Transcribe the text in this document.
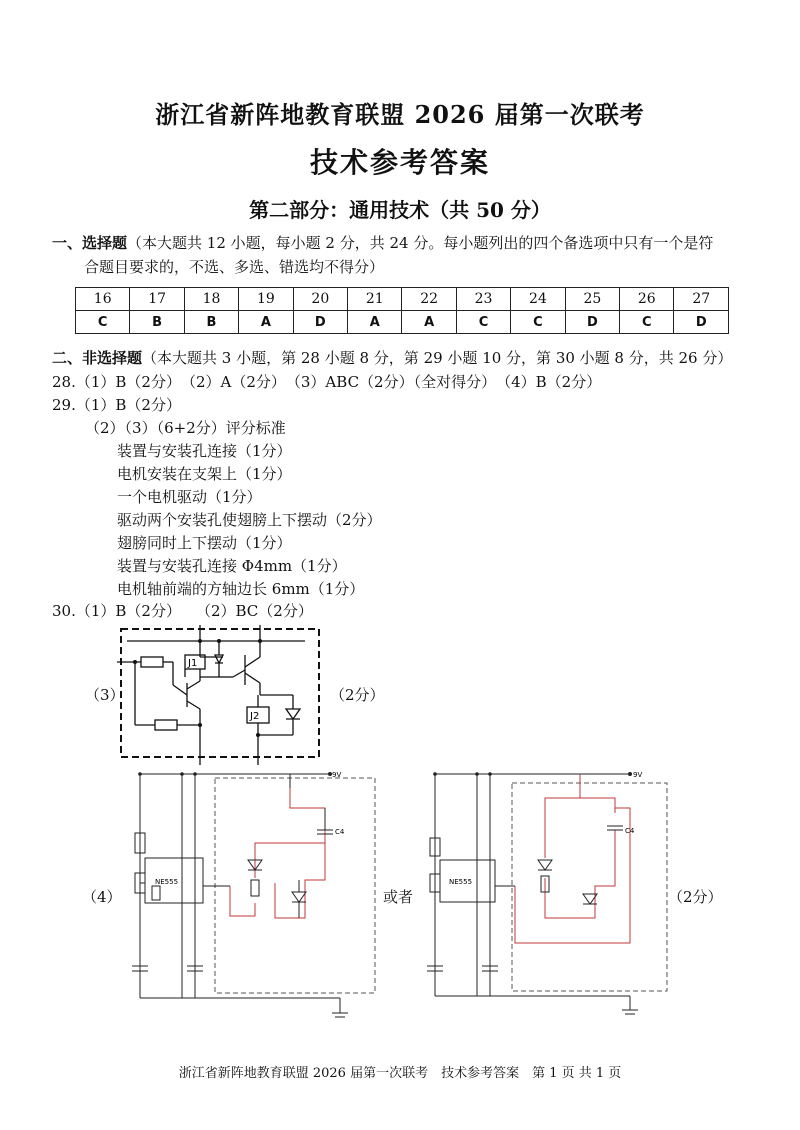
浙江省新阵地教育联盟 2026 届第一次联考
技术参考答案
第二部分：通用技术（共 50 分）
一、选择题（本大题共 12 小题，每小题 2 分，共 24 分。每小题列出的四个备选项中只有一个是符
合题目要求的，不选、多选、错选均不得分）
16	17	18	19	20	21	22	23	24	25	26	27
C	B	B	A	D	A	A	C	C	D	C	D
二、非选择题（本大题共 3 小题，第 28 小题 8 分，第 29 小题 10 分，第 30 小题 8 分，共 26 分）
28.（1）B（2分）　（2）A（2分）　（3）ABC（2分）（全对得分）　（4）B（2分）
29.（1）B（2分）
（2）（3）（6+2分）评分标准
装置与安装孔连接（1分）
电机安装在支架上（1分）
一个电机驱动（1分）
驱动两个安装孔使翅膀上下摆动（2分）
翅膀同时上下摆动（1分）
装置与安装孔连接 Φ4mm（1分）
电机轴前端的方轴边长 6mm（1分）
30.（1）B（2分）　　（2）BC（2分）
（3）	（2分）
J1
J2
（4）	或者	（2分）
9V
C4
NE555
9V
C4
NE555
浙江省新阵地教育联盟 2026 届第一次联考　技术参考答案　第 1 页 共 1 页
